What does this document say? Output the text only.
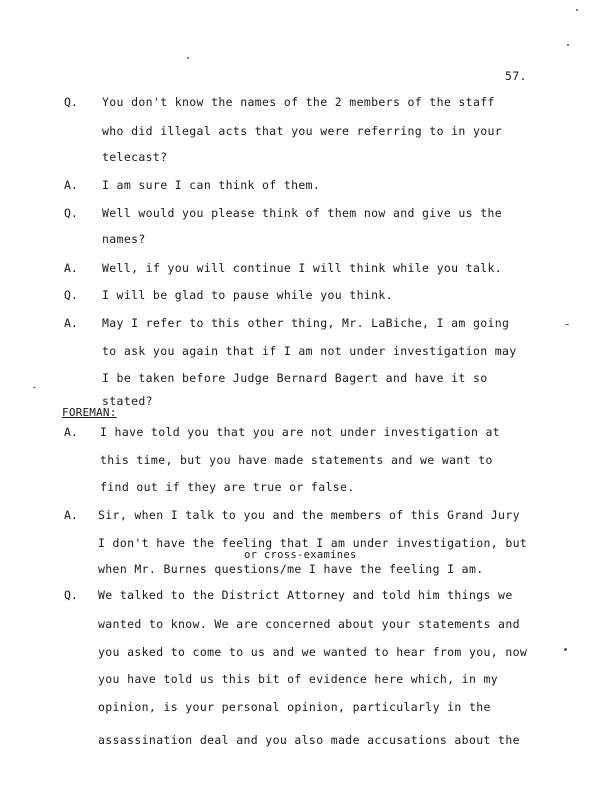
57.
Q. You don't know the names of the 2 members of the staff
who did illegal acts that you were referring to in your
telecast?
A. I am sure I can think of them.
Q. Well would you please think of them now and give us the
names?
A. Well, if you will continue I will think while you talk.
Q. I will be glad to pause while you think.
A. May I refer to this other thing, Mr. LaBiche, I am going
to ask you again that if I am not under investigation may
I be taken before Judge Bernard Bagert and have it so
stated?
FOREMAN:
A. I have told you that you are not under investigation at
this time, but you have made statements and we want to
find out if they are true or false.
A. Sir, when I talk to you and the members of this Grand Jury
I don't have the feeling that I am under investigation, but
or cross-examines
when Mr. Burnes questions/me I have the feeling I am.
Q. We talked to the District Attorney and told him things we
wanted to know. We are concerned about your statements and
you asked to come to us and we wanted to hear from you, now
you have told us this bit of evidence here which, in my
opinion, is your personal opinion, particularly in the
assassination deal and you also made accusations about the
